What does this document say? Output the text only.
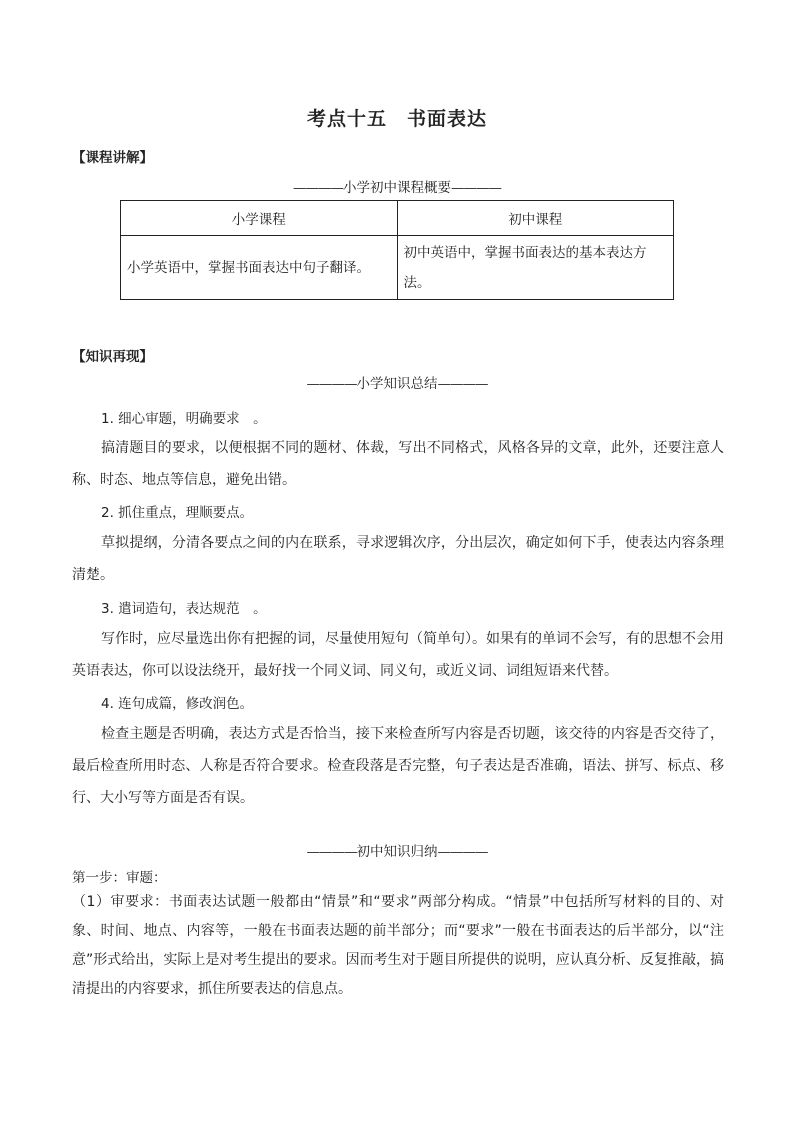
考点十五　书面表达
【课程讲解】
————小学初中课程概要————
小学课程	初中课程
小学英语中，掌握书面表达中句子翻译。	初中英语中，掌握书面表达的基本表达方法。
【知识再现】
————小学知识总结————
1. 细心审题，明确要求　。
搞清题目的要求，以便根据不同的题材、体裁，写出不同格式，风格各异的文章，此外，还要注意人称、时态、地点等信息，避免出错。
2. 抓住重点，理顺要点。
草拟提纲，分清各要点之间的内在联系，寻求逻辑次序，分出层次，确定如何下手，使表达内容条理清楚。
3. 遣词造句，表达规范　。
写作时，应尽量选出你有把握的词，尽量使用短句（简单句）。如果有的单词不会写，有的思想不会用英语表达，你可以设法绕开，最好找一个同义词、同义句，或近义词、词组短语来代替。
4. 连句成篇，修改润色。
检查主题是否明确，表达方式是否恰当，接下来检查所写内容是否切题，该交待的内容是否交待了，最后检查所用时态、人称是否符合要求。检查段落是否完整，句子表达是否准确，语法、拼写、标点、移行、大小写等方面是否有误。
————初中知识归纳————
第一步：审题：
（1）审要求：书面表达试题一般都由“情景”和“要求”两部分构成。“情景”中包括所写材料的目的、对象、时间、地点、内容等，一般在书面表达题的前半部分；而“要求”一般在书面表达的后半部分，以“注意”形式给出，实际上是对考生提出的要求。因而考生对于题目所提供的说明，应认真分析、反复推敲，搞清提出的内容要求，抓住所要表达的信息点。
